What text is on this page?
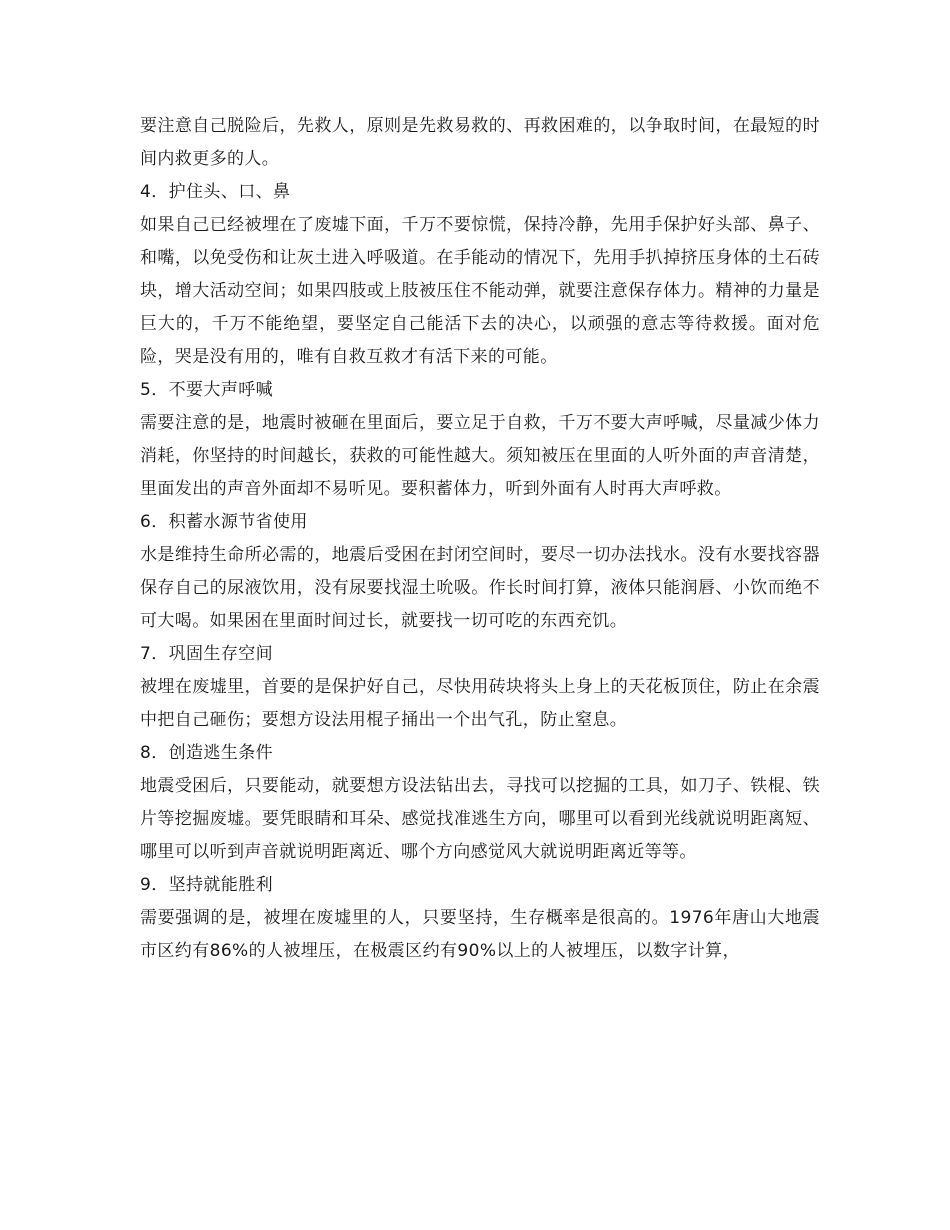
要注意自己脱险后，先救人，原则是先救易救的、再救困难的，以争取时间，在最短的时间内救更多的人。

4．护住头、口、鼻

如果自己已经被埋在了废墟下面，千万不要惊慌，保持冷静，先用手保护好头部、鼻子、和嘴，以免受伤和让灰土进入呼吸道。在手能动的情况下，先用手扒掉挤压身体的土石砖块，增大活动空间；如果四肢或上肢被压住不能动弹，就要注意保存体力。精神的力量是巨大的，千万不能绝望，要坚定自己能活下去的决心，以顽强的意志等待救援。面对危险，哭是没有用的，唯有自救互救才有活下来的可能。

5．不要大声呼喊

需要注意的是，地震时被砸在里面后，要立足于自救，千万不要大声呼喊，尽量减少体力消耗，你坚持的时间越长，获救的可能性越大。须知被压在里面的人听外面的声音清楚，里面发出的声音外面却不易听见。要积蓄体力，听到外面有人时再大声呼救。

6．积蓄水源节省使用

水是维持生命所必需的，地震后受困在封闭空间时，要尽一切办法找水。没有水要找容器保存自己的尿液饮用，没有尿要找湿土吮吸。作长时间打算，液体只能润唇、小饮而绝不可大喝。如果困在里面时间过长，就要找一切可吃的东西充饥。

7．巩固生存空间

被埋在废墟里，首要的是保护好自己，尽快用砖块将头上身上的天花板顶住，防止在余震中把自己砸伤；要想方设法用棍子捅出一个出气孔，防止窒息。

8．创造逃生条件

地震受困后，只要能动，就要想方设法钻出去，寻找可以挖掘的工具，如刀子、铁棍、铁片等挖掘废墟。要凭眼睛和耳朵、感觉找准逃生方向，哪里可以看到光线就说明距离短、哪里可以听到声音就说明距离近、哪个方向感觉风大就说明距离近等等。

9．坚持就能胜利

需要强调的是，被埋在废墟里的人，只要坚持，生存概率是很高的。1976年唐山大地震市区约有86%的人被埋压，在极震区约有90%以上的人被埋压，以数字计算，
